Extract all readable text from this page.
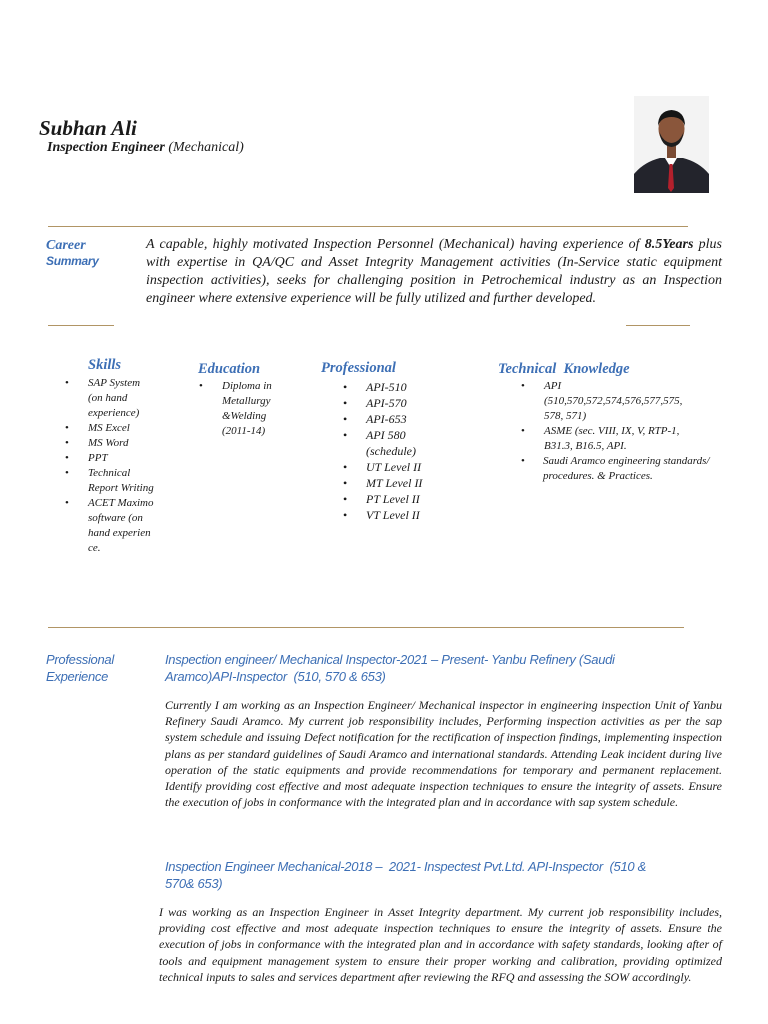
Subhan Ali
Inspection Engineer (Mechanical)
Career
Summary
A capable, highly motivated Inspection Personnel (Mechanical) having experience of 8.5Years plus with expertise in QA/QC and Asset Integrity Management activities (In-Service static equipment inspection activities), seeks for challenging position in Petrochemical industry as an Inspection engineer where extensive experience will be fully utilized and further developed.
Skills
• SAP System (on hand experience)
• MS Excel
• MS Word
• PPT
• Technical Report Writing
• ACET Maximo software (on hand experien ce.
Education
• Diploma in Metallurgy &Welding (2011-14)
Professional
• API-510
• API-570
• API-653
• API 580 (schedule)
• UT Level II
• MT Level II
• PT Level II
• VT Level II
Technical  Knowledge
• API (510,570,572,574,576,577,575, 578, 571)
• ASME (sec. VIII, IX, V, RTP-1, B31.3, B16.5, API.
• Saudi Aramco engineering standards/ procedures. & Practices.
Professional
Experience
Inspection engineer/ Mechanical Inspector-2021 – Present- Yanbu Refinery (Saudi
Aramco)API-Inspector  (510, 570 & 653)
Currently I am working as an Inspection Engineer/ Mechanical inspector in engineering inspection Unit of Yanbu Refinery Saudi Aramco. My current job responsibility includes, Performing inspection activities as per the sap system schedule and issuing Defect notification for the rectification of inspection findings, implementing inspection plans as per standard guidelines of Saudi Aramco and international standards. Attending Leak incident during live operation of the static equipments and provide recommendations for temporary and permanent replacement. Identify providing cost effective and most adequate inspection techniques to ensure the integrity of assets. Ensure the execution of jobs in conformance with the integrated plan and in accordance with sap system schedule.
Inspection Engineer Mechanical-2018 –  2021- Inspectest Pvt.Ltd. API-Inspector  (510 &
570& 653)
I was working as an Inspection Engineer in Asset Integrity department. My current job responsibility includes, providing cost effective and most adequate inspection techniques to ensure the integrity of assets. Ensure the execution of jobs in conformance with the integrated plan and in accordance with safety standards, looking after of tools and equipment management system to ensure their proper working and calibration, providing optimized technical inputs to sales and services department after reviewing the RFQ and assessing the SOW accordingly.
